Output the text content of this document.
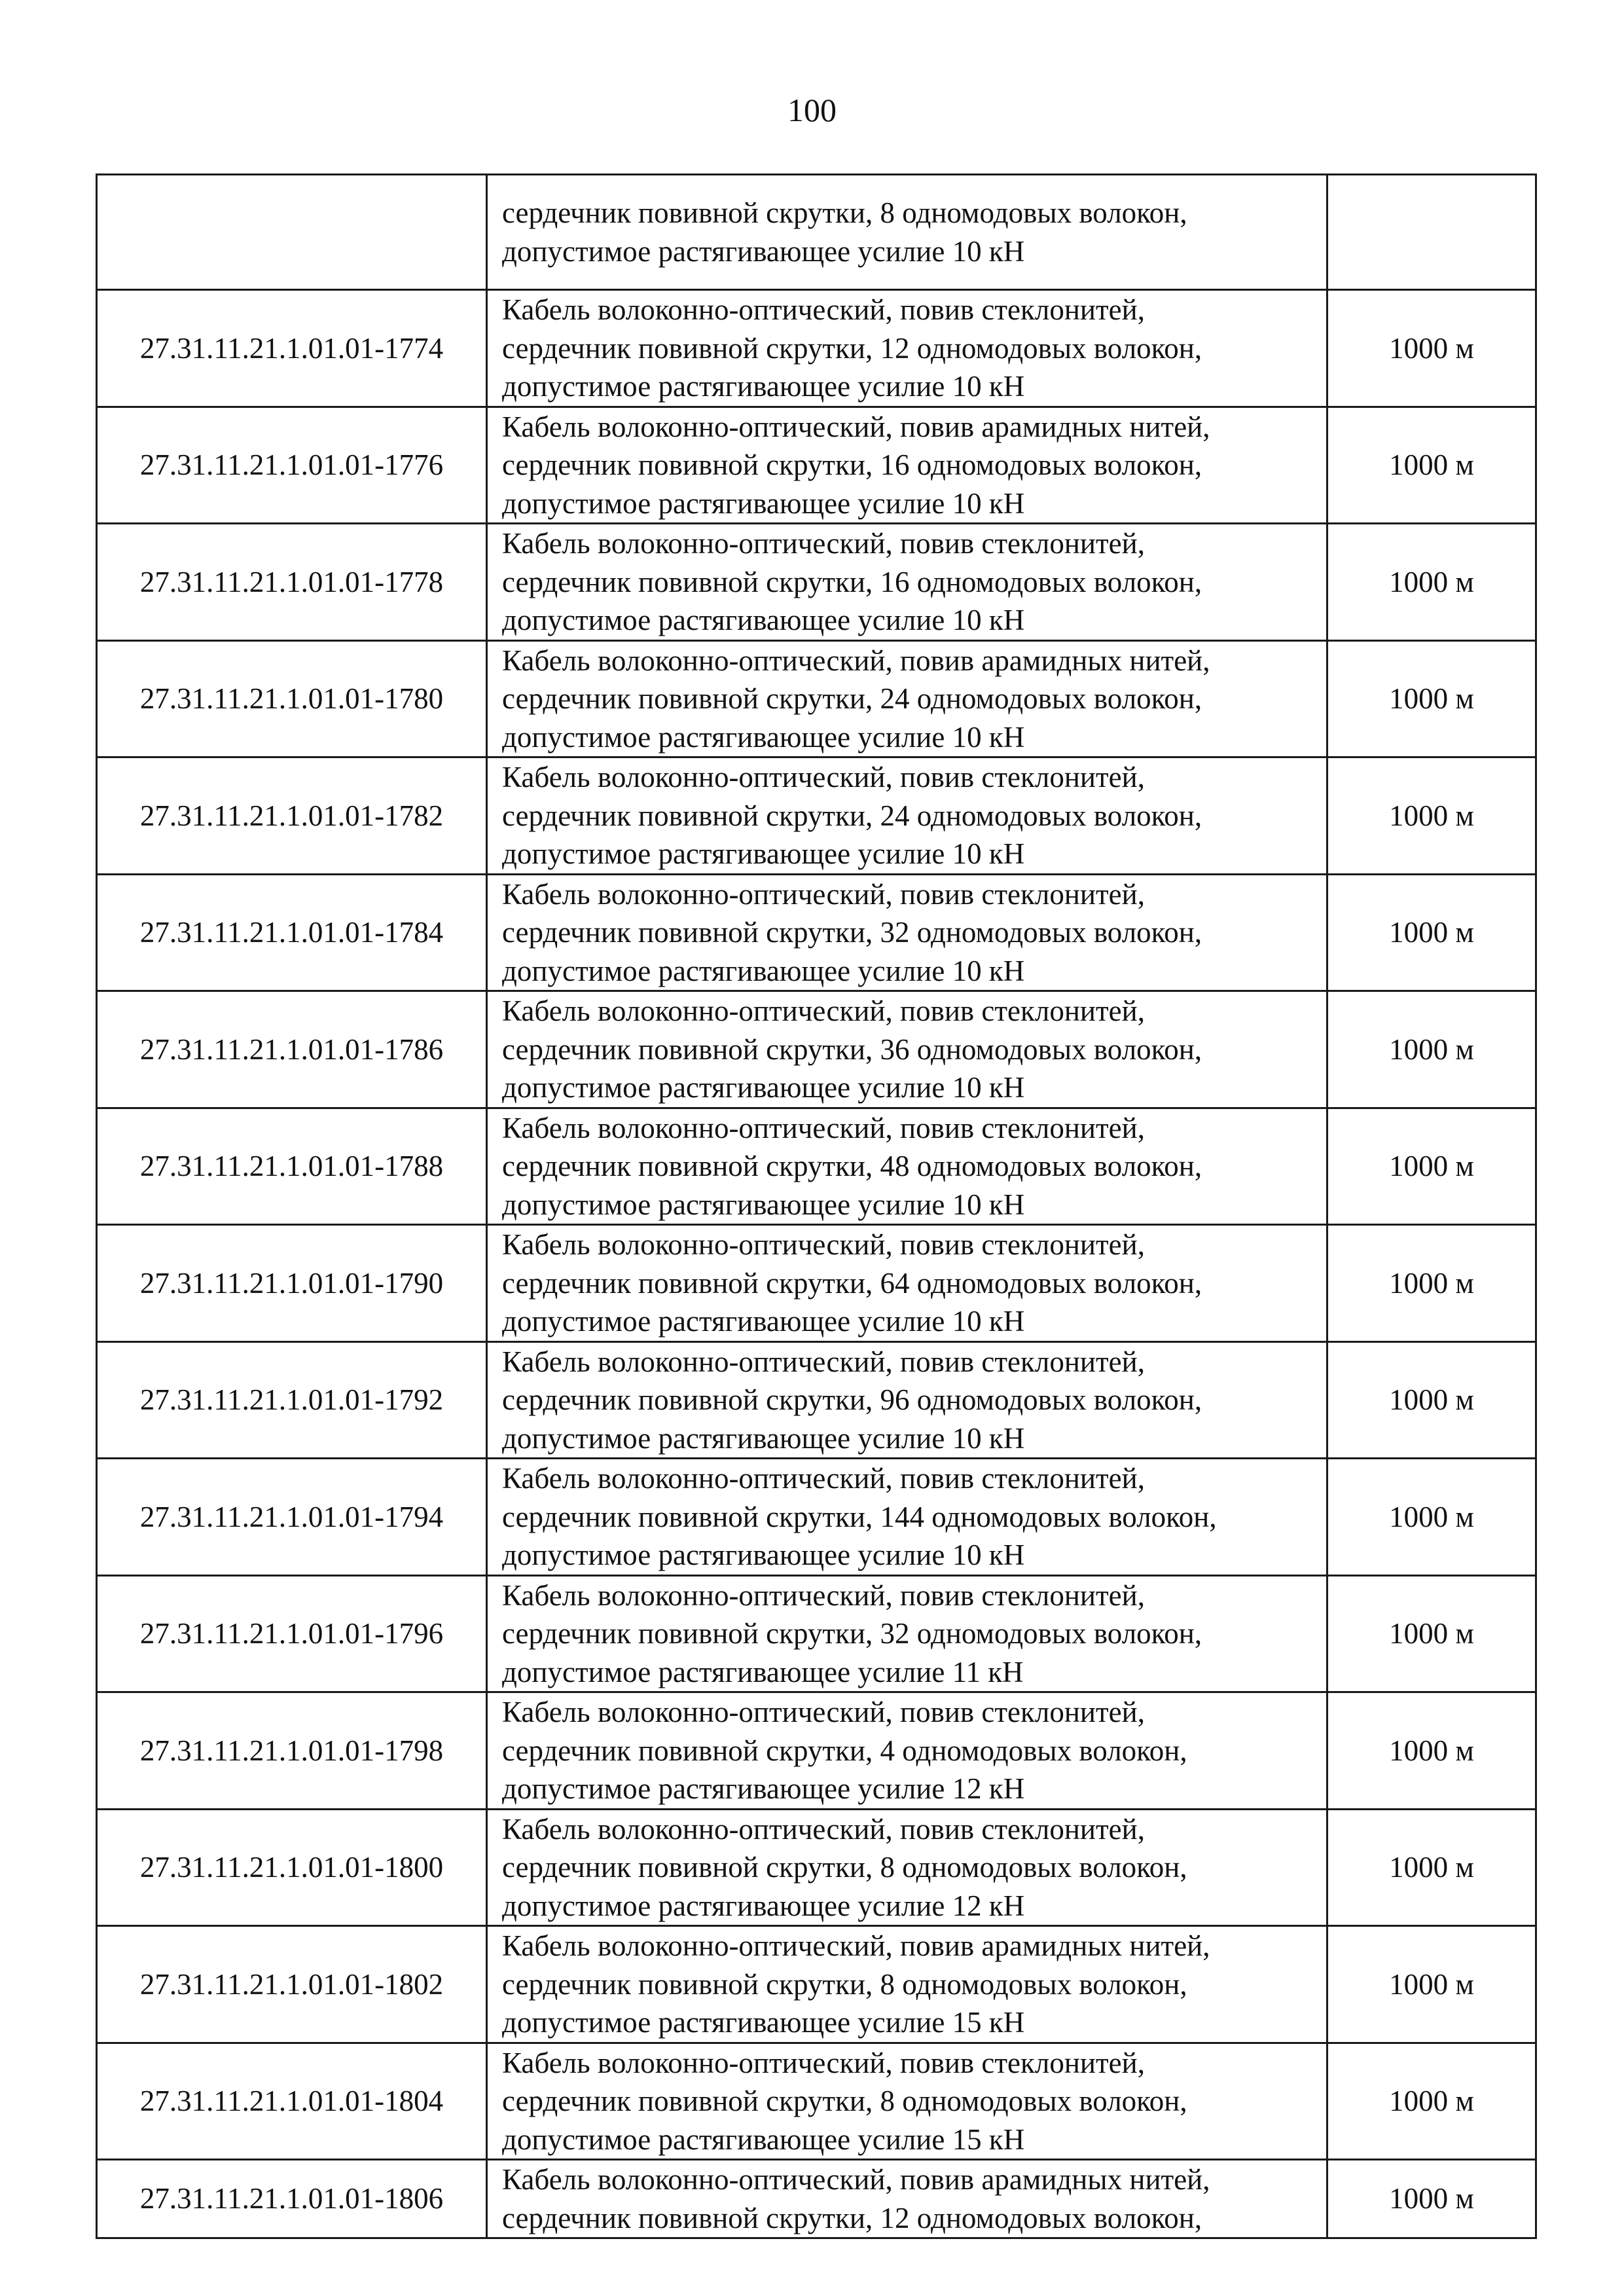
100
	сердечник повивной скрутки, 8 одномодовых волокон,
допустимое растягивающее усилие 10 кН	
27.31.11.21.1.01.01-1774	Кабель волоконно-оптический, повив стеклонитей,
сердечник повивной скрутки, 12 одномодовых волокон,
допустимое растягивающее усилие 10 кН	1000 м
27.31.11.21.1.01.01-1776	Кабель волоконно-оптический, повив арамидных нитей,
сердечник повивной скрутки, 16 одномодовых волокон,
допустимое растягивающее усилие 10 кН	1000 м
27.31.11.21.1.01.01-1778	Кабель волоконно-оптический, повив стеклонитей,
сердечник повивной скрутки, 16 одномодовых волокон,
допустимое растягивающее усилие 10 кН	1000 м
27.31.11.21.1.01.01-1780	Кабель волоконно-оптический, повив арамидных нитей,
сердечник повивной скрутки, 24 одномодовых волокон,
допустимое растягивающее усилие 10 кН	1000 м
27.31.11.21.1.01.01-1782	Кабель волоконно-оптический, повив стеклонитей,
сердечник повивной скрутки, 24 одномодовых волокон,
допустимое растягивающее усилие 10 кН	1000 м
27.31.11.21.1.01.01-1784	Кабель волоконно-оптический, повив стеклонитей,
сердечник повивной скрутки, 32 одномодовых волокон,
допустимое растягивающее усилие 10 кН	1000 м
27.31.11.21.1.01.01-1786	Кабель волоконно-оптический, повив стеклонитей,
сердечник повивной скрутки, 36 одномодовых волокон,
допустимое растягивающее усилие 10 кН	1000 м
27.31.11.21.1.01.01-1788	Кабель волоконно-оптический, повив стеклонитей,
сердечник повивной скрутки, 48 одномодовых волокон,
допустимое растягивающее усилие 10 кН	1000 м
27.31.11.21.1.01.01-1790	Кабель волоконно-оптический, повив стеклонитей,
сердечник повивной скрутки, 64 одномодовых волокон,
допустимое растягивающее усилие 10 кН	1000 м
27.31.11.21.1.01.01-1792	Кабель волоконно-оптический, повив стеклонитей,
сердечник повивной скрутки, 96 одномодовых волокон,
допустимое растягивающее усилие 10 кН	1000 м
27.31.11.21.1.01.01-1794	Кабель волоконно-оптический, повив стеклонитей,
сердечник повивной скрутки, 144 одномодовых волокон,
допустимое растягивающее усилие 10 кН	1000 м
27.31.11.21.1.01.01-1796	Кабель волоконно-оптический, повив стеклонитей,
сердечник повивной скрутки, 32 одномодовых волокон,
допустимое растягивающее усилие 11 кН	1000 м
27.31.11.21.1.01.01-1798	Кабель волоконно-оптический, повив стеклонитей,
сердечник повивной скрутки, 4 одномодовых волокон,
допустимое растягивающее усилие 12 кН	1000 м
27.31.11.21.1.01.01-1800	Кабель волоконно-оптический, повив стеклонитей,
сердечник повивной скрутки, 8 одномодовых волокон,
допустимое растягивающее усилие 12 кН	1000 м
27.31.11.21.1.01.01-1802	Кабель волоконно-оптический, повив арамидных нитей,
сердечник повивной скрутки, 8 одномодовых волокон,
допустимое растягивающее усилие 15 кН	1000 м
27.31.11.21.1.01.01-1804	Кабель волоконно-оптический, повив стеклонитей,
сердечник повивной скрутки, 8 одномодовых волокон,
допустимое растягивающее усилие 15 кН	1000 м
27.31.11.21.1.01.01-1806	Кабель волоконно-оптический, повив арамидных нитей,
сердечник повивной скрутки, 12 одномодовых волокон,	1000 м
